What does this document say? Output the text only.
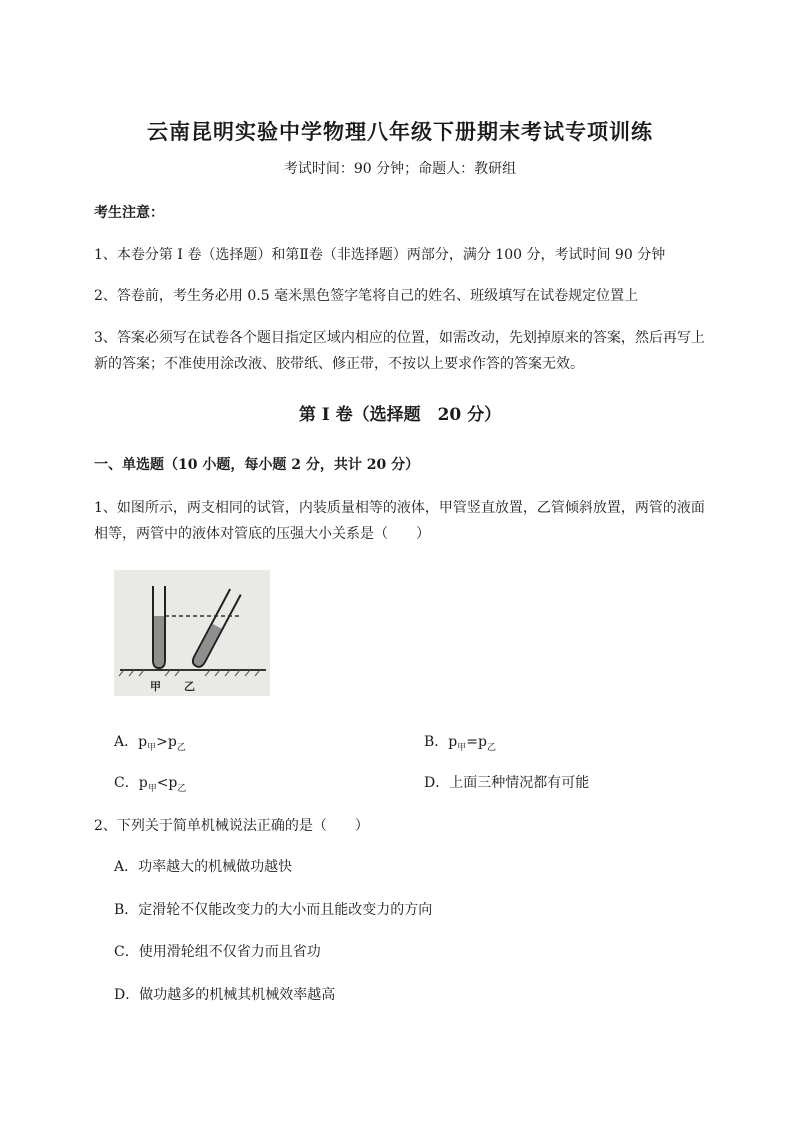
云南昆明实验中学物理八年级下册期末考试专项训练
考试时间：90 分钟；命题人：教研组
考生注意：
1、本卷分第 I 卷（选择题）和第Ⅱ卷（非选择题）两部分，满分 100 分，考试时间 90 分钟
2、答卷前，考生务必用 0.5 毫米黑色签字笔将自己的姓名、班级填写在试卷规定位置上
3、答案必须写在试卷各个题目指定区域内相应的位置，如需改动，先划掉原来的答案，然后再写上新的答案；不准使用涂改液、胶带纸、修正带，不按以上要求作答的答案无效。
第 I 卷（选择题　20 分）
一、单选题（10 小题，每小题 2 分，共计 20 分）
1、如图所示，两支相同的试管，内装质量相等的液体，甲管竖直放置，乙管倾斜放置，两管的液面相等，两管中的液体对管底的压强大小关系是（　　）
甲 乙
A．$p_甲>p_乙$	B．$p_甲=p_乙$
C．$p_甲<p_乙$	D．上面三种情况都有可能
2、下列关于简单机械说法正确的是（　　）
A．功率越大的机械做功越快
B．定滑轮不仅能改变力的大小而且能改变力的方向
C．使用滑轮组不仅省力而且省功
D．做功越多的机械其机械效率越高
